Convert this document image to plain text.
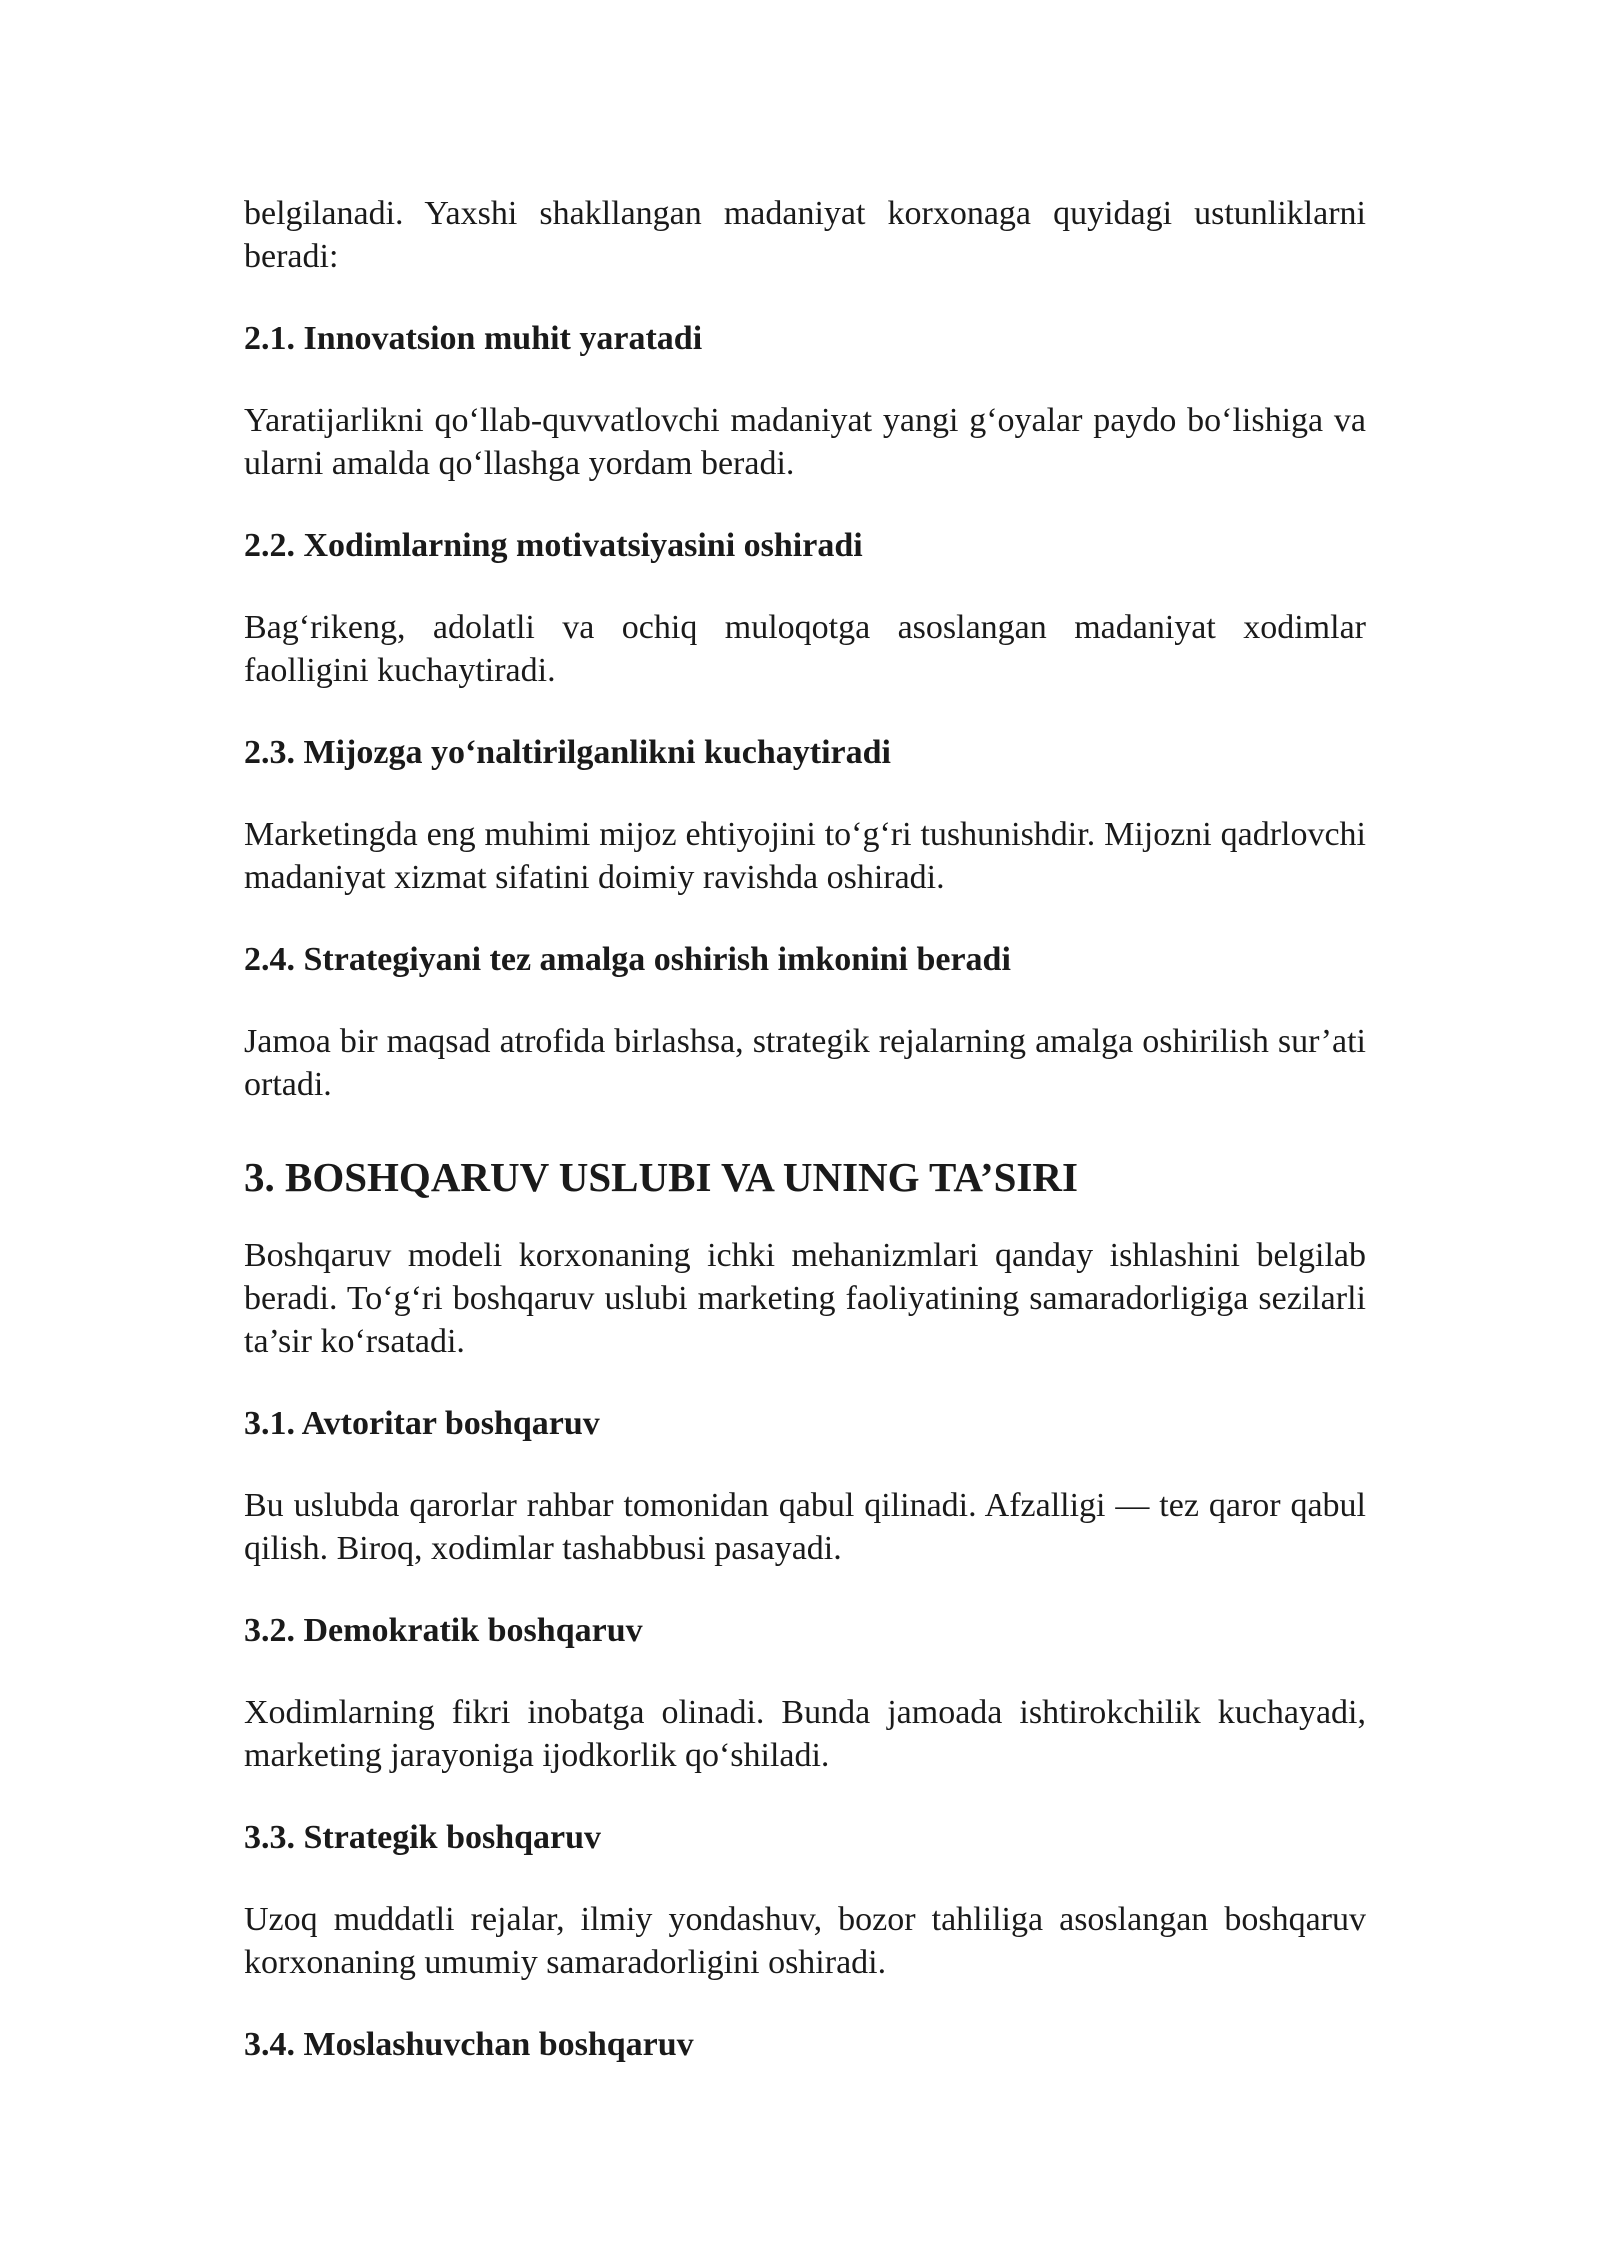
belgilanadi. Yaxshi shakllangan madaniyat korxonaga quyidagi ustunliklarni beradi:

2.1. Innovatsion muhit yaratadi

Yaratijarlikni qo‘llab-quvvatlovchi madaniyat yangi g‘oyalar paydo bo‘lishiga va ularni amalda qo‘llashga yordam beradi.

2.2. Xodimlarning motivatsiyasini oshiradi

Bag‘rikeng, adolatli va ochiq muloqotga asoslangan madaniyat xodimlar faolligini kuchaytiradi.

2.3. Mijozga yo‘naltirilganlikni kuchaytiradi

Marketingda eng muhimi mijoz ehtiyojini to‘g‘ri tushunishdir. Mijozni qadrlovchi madaniyat xizmat sifatini doimiy ravishda oshiradi.

2.4. Strategiyani tez amalga oshirish imkonini beradi

Jamoa bir maqsad atrofida birlashsa, strategik rejalarning amalga oshirilish sur’ati ortadi.

3. BOSHQARUV USLUBI VA UNING TA’SIRI

Boshqaruv modeli korxonaning ichki mehanizmlari qanday ishlashini belgilab beradi. To‘g‘ri boshqaruv uslubi marketing faoliyatining samaradorligiga sezilarli ta’sir ko‘rsatadi.

3.1. Avtoritar boshqaruv

Bu uslubda qarorlar rahbar tomonidan qabul qilinadi. Afzalligi — tez qaror qabul qilish. Biroq, xodimlar tashabbusi pasayadi.

3.2. Demokratik boshqaruv

Xodimlarning fikri inobatga olinadi. Bunda jamoada ishtirokchilik kuchayadi, marketing jarayoniga ijodkorlik qo‘shiladi.

3.3. Strategik boshqaruv

Uzoq muddatli rejalar, ilmiy yondashuv, bozor tahliliga asoslangan boshqaruv korxonaning umumiy samaradorligini oshiradi.

3.4. Moslashuvchan boshqaruv
